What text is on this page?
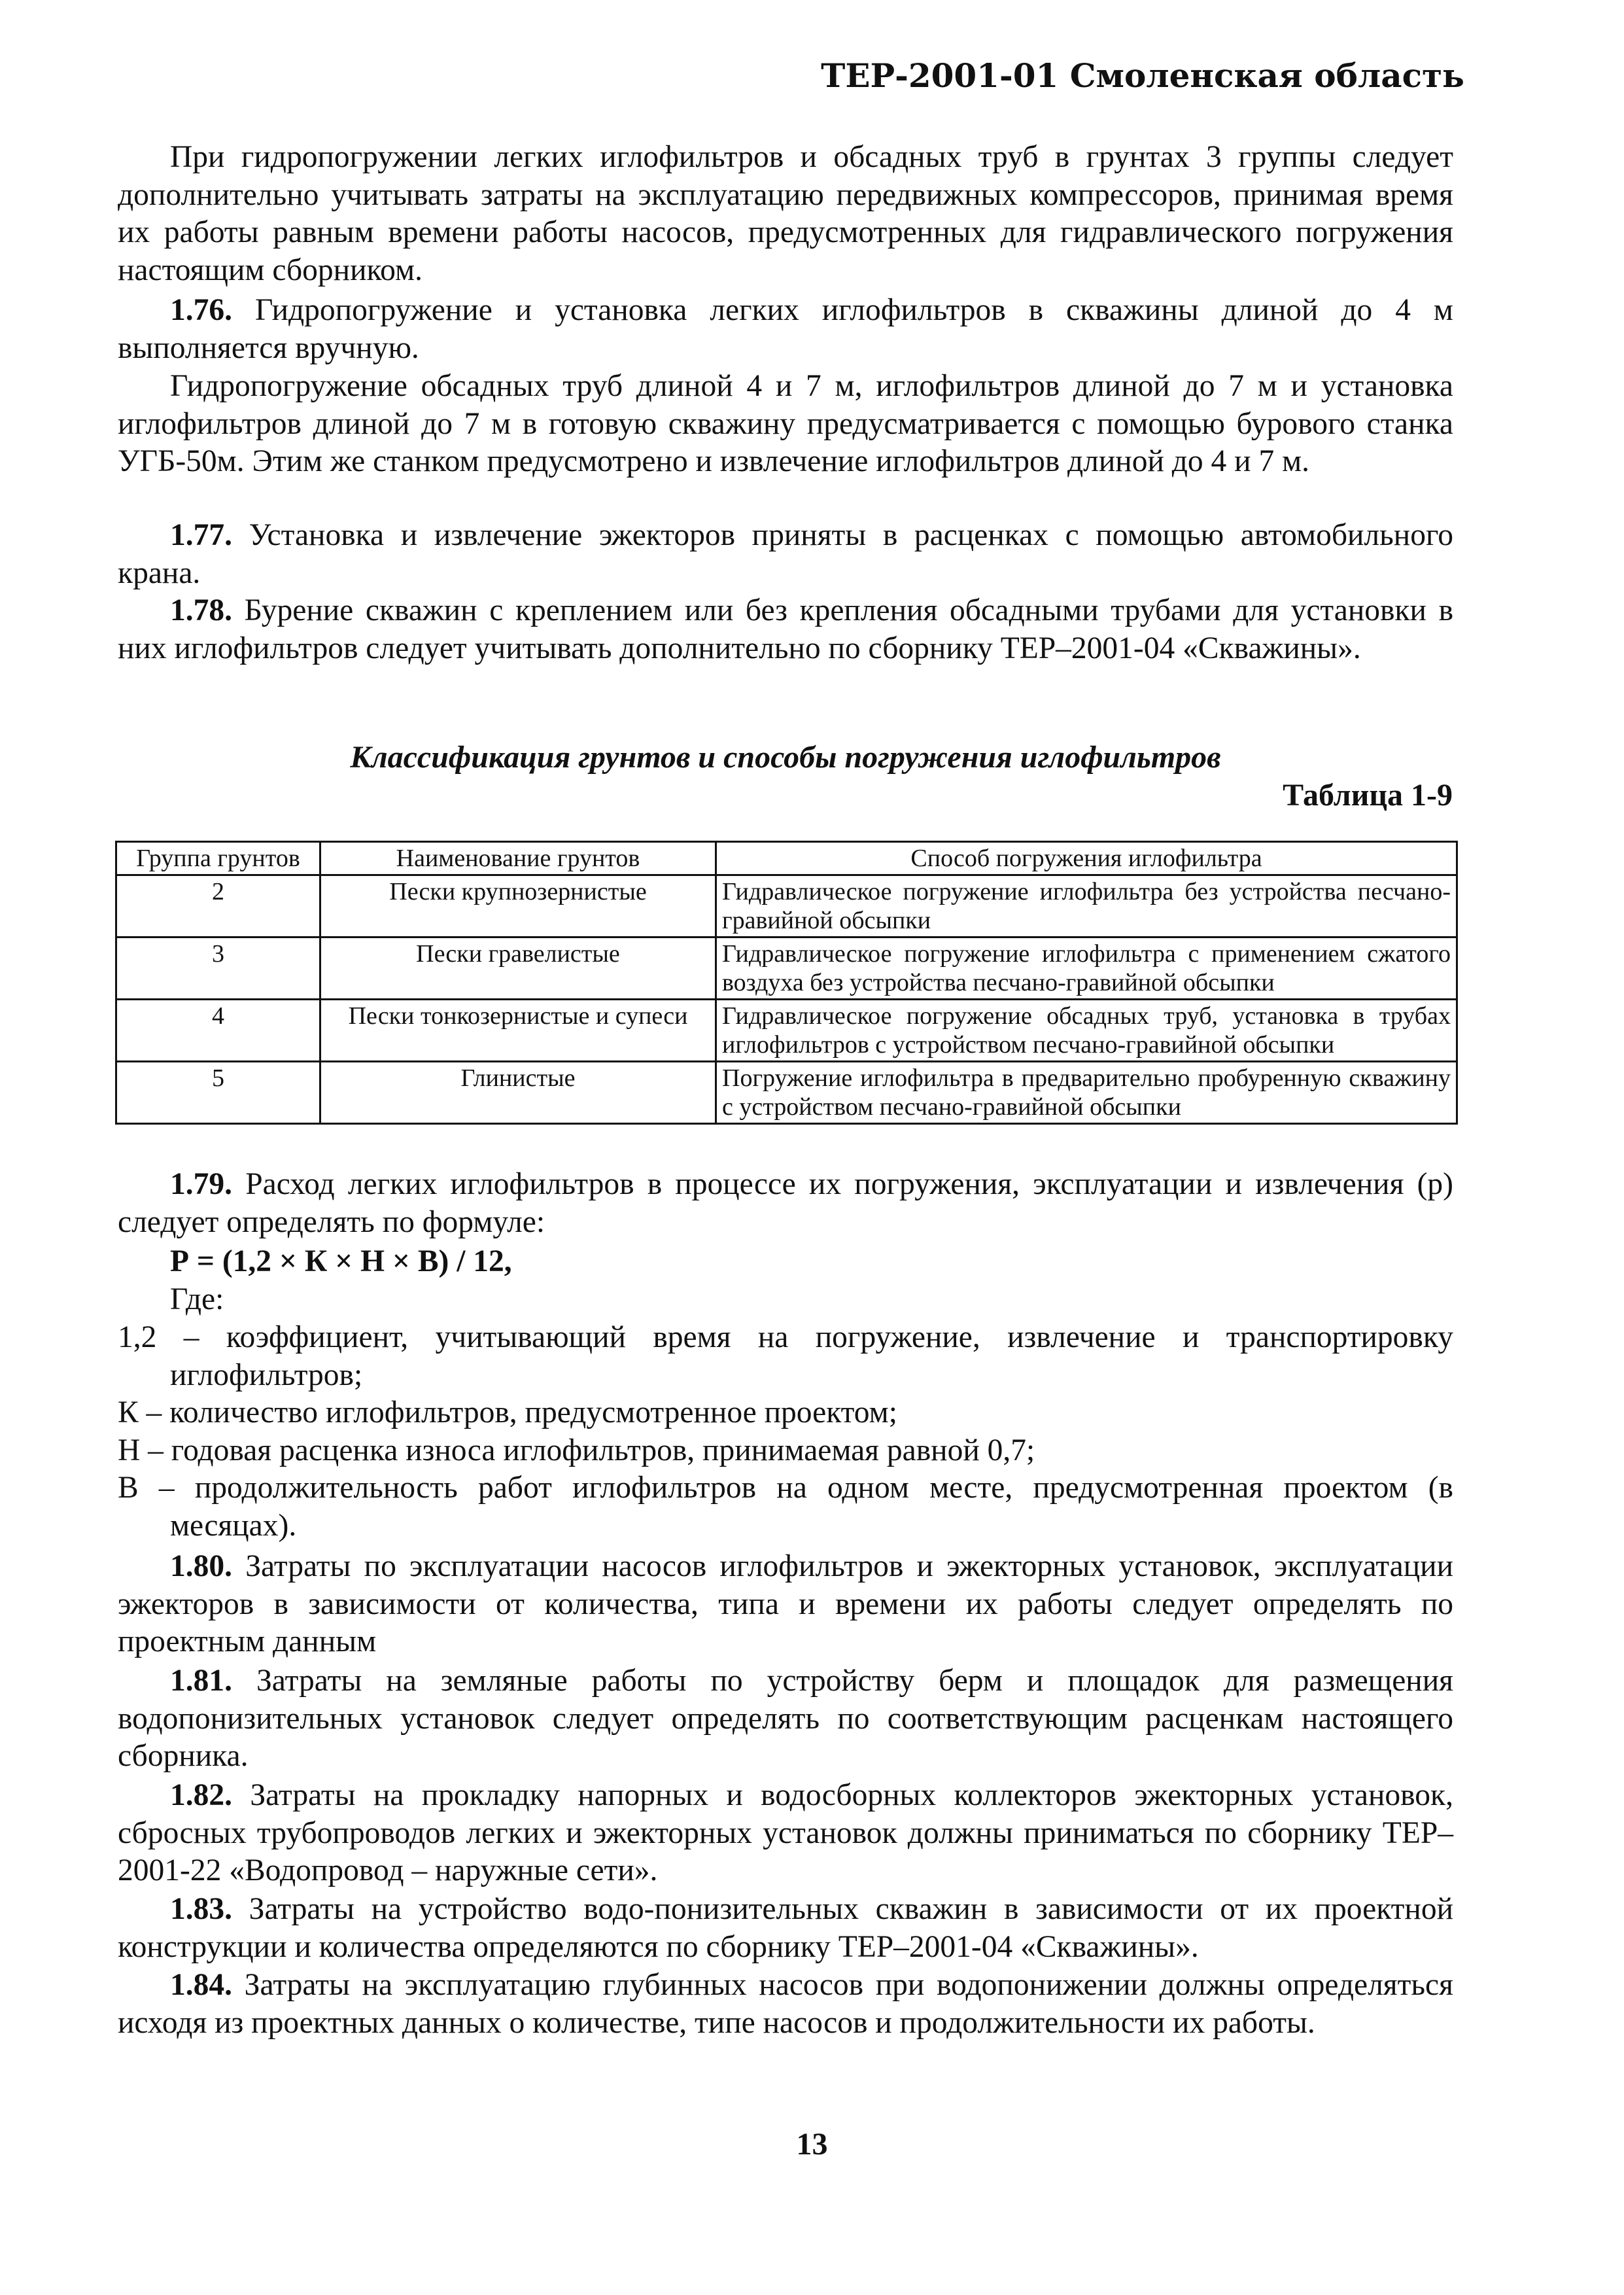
ТЕР-2001-01 Смоленская область

При гидропогружении легких иглофильтров и обсадных труб в грунтах 3 группы следует дополнительно учитывать затраты на эксплуатацию передвижных компрессоров, принимая время их работы равным времени работы насосов, предусмотренных для гидравлического погружения настоящим сборником.

1.76. Гидропогружение и установка легких иглофильтров в скважины длиной до 4 м выполняется вручную.

Гидропогружение обсадных труб длиной 4 и 7 м, иглофильтров длиной до 7 м и установка иглофильтров длиной до 7 м в готовую скважину предусматривается с помощью бурового станка УГБ-50м. Этим же станком предусмотрено и извлечение иглофильтров длиной до 4 и 7 м.

1.77. Установка и извлечение эжекторов приняты в расценках с помощью автомобильного крана.

1.78. Бурение скважин с креплением или без крепления обсадными трубами для установки в них иглофильтров следует учитывать дополнительно по сборнику ТЕР–2001-04 «Скважины».

Классификация грунтов и способы погружения иглофильтров
Таблица 1-9
Группа грунтов	Наименование грунтов	Способ погружения иглофильтра
2	Пески крупнозернистые	Гидравлическое погружение иглофильтра без устройства песчано-гравийной обсыпки
3	Пески гравелистые	Гидравлическое погружение иглофильтра с применением сжатого воздуха без устройства песчано-гравийной обсыпки
4	Пески тонкозернистые и супеси	Гидравлическое погружение обсадных труб, установка в трубах иглофильтров с устройством песчано-гравийной обсыпки
5	Глинистые	Погружение иглофильтра в предварительно пробуренную скважину с устройством песчано-гравийной обсыпки

1.79. Расход легких иглофильтров в процессе их погружения, эксплуатации и извлечения (р) следует определять по формуле:

Р = (1,2 × К × Н × В) / 12,
Где:

1,2 – коэффициент, учитывающий время на погружение, извлечение и транспортировку иглофильтров;

К – количество иглофильтров, предусмотренное проектом;

Н – годовая расценка износа иглофильтров, принимаемая равной 0,7;

В – продолжительность работ иглофильтров на одном месте, предусмотренная проектом (в месяцах).

1.80. Затраты по эксплуатации насосов иглофильтров и эжекторных установок, эксплуатации эжекторов в зависимости от количества, типа и времени их работы следует определять по проектным данным

1.81. Затраты на земляные работы по устройству берм и площадок для размещения водопонизительных установок следует определять по соответствующим расценкам настоящего сборника.

1.82. Затраты на прокладку напорных и водосборных коллекторов эжекторных установок, сбросных трубопроводов легких и эжекторных установок должны приниматься по сборнику ТЕР–2001-22 «Водопровод – наружные сети».

1.83. Затраты на устройство водо-понизительных скважин в зависимости от их проектной конструкции и количества определяются по сборнику ТЕР–2001-04 «Скважины».

1.84. Затраты на эксплуатацию глубинных насосов при водопонижении должны определяться исходя из проектных данных о количестве, типе насосов и продолжительности их работы.

13
